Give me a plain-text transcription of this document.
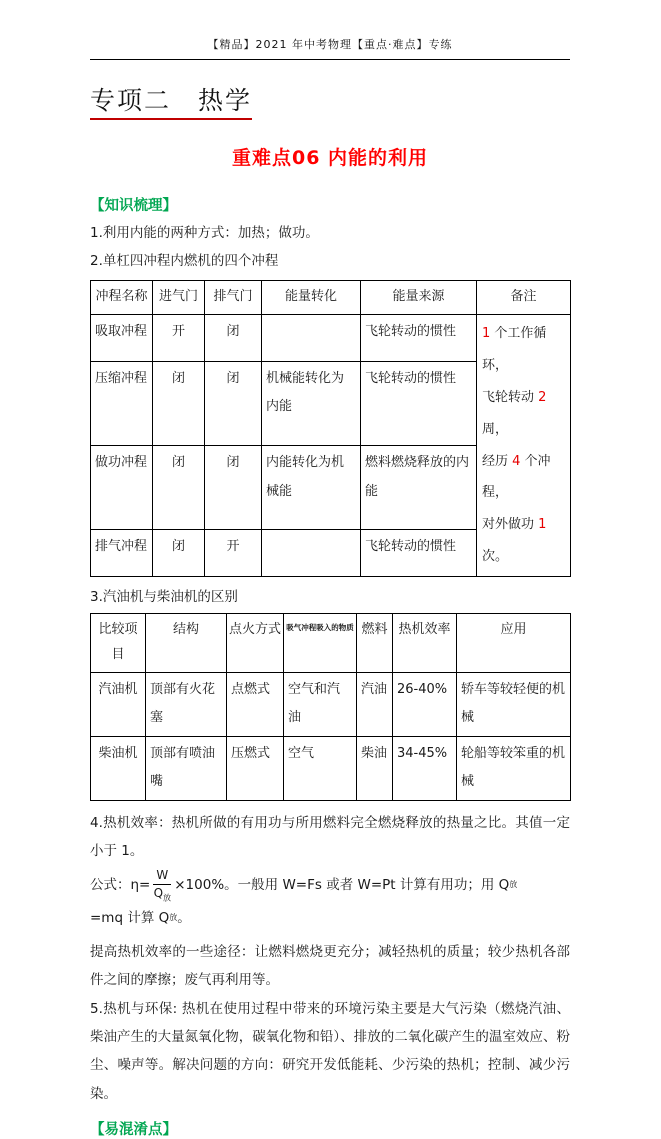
【精品】2021 年中考物理【重点·难点】专练
专项二　热学
重难点06 内能的利用
【知识梳理】
1.利用内能的两种方式：加热；做功。
2.单杠四冲程内燃机的四个冲程
冲程名称	进气门	排气门	能量转化	能量来源	备注
吸取冲程	开	闭		飞轮转动的惯性	1 个工作循环，
飞轮转动 2 周，
经历 4 个冲程，
对外做功 1 次。

压缩冲程	闭	闭	机械能转化为内能	飞轮转动的惯性	
做功冲程	闭	闭	内能转化为机械能	燃料燃烧释放的内能	
排气冲程	闭	开		飞轮转动的惯性	
3.汽油机与柴油机的区别
比较项目	结构	点火方式	吸气冲程吸入的物质	燃料	热机效率	应用
汽油机	顶部有火花塞	点燃式	空气和汽油	汽油	26-40%	轿车等较轻便的机械
柴油机	顶部有喷油嘴	压燃式	空气	柴油	34-45%	轮船等较笨重的机械
4.热机效率：热机所做的有用功与所用燃料完全燃烧释放的热量之比。其值一定小于 1。
公式：$\eta= \frac{W}{Q_放} \times 100\%$。一般用 W=Fs 或者 W=Pt 计算有用功；用 Q 放
=mq 计算 Q 放 。
提高热机效率的一些途径：让燃料燃烧更充分；减轻热机的质量；较少热机各部件之间的摩擦；废气再利用等。
5.热机与环保: 热机在使用过程中带来的环境污染主要是大气污染（燃烧汽油、柴油产生的大量氮氧化物，碳氧化物和铅）、排放的二氧化碳产生的温室效应、粉尘、噪声等。解决问题的方向：研究开发低能耗、少污染的热机；控制、减少污染。
【易混淆点】
